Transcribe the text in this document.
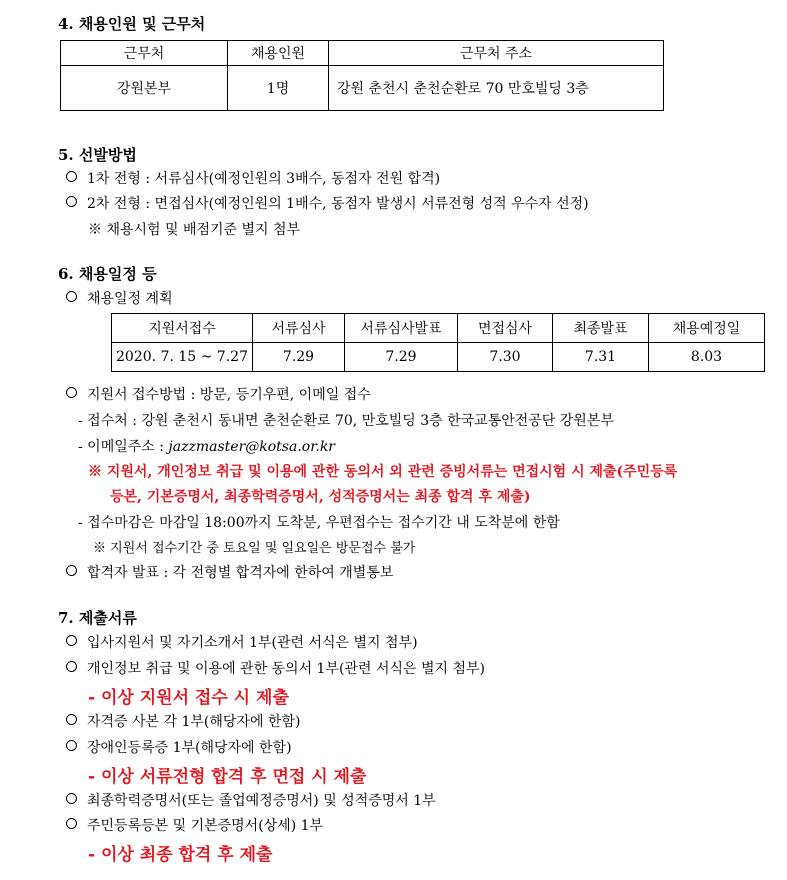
4. 채용인원 및 근무처
근무처	채용인원	근무처 주소
강원본부	1명	강원 춘천시 춘천순환로 70 만호빌딩 3층
5. 선발방법
1차 전형 : 서류심사(예정인원의 3배수, 동점자 전원 합격)
2차 전형 : 면접심사(예정인원의 1배수, 동점자 발생시 서류전형 성적 우수자 선정)
※ 채용시험 및 배점기준 별지 첨부
6. 채용일정 등
채용일정 계획
지원서접수	서류심사	서류심사발표	면접심사	최종발표	채용예정일
2020. 7. 15 ~ 7.27	7.29	7.29	7.30	7.31	8.03
지원서 접수방법 : 방문, 등기우편, 이메일 접수
- 접수처 : 강원 춘천시 동내면 춘천순환로 70, 만호빌딩 3층 한국교통안전공단 강원본부
- 이메일주소 : jazzmaster@kotsa.or.kr
※ 지원서, 개인정보 취급 및 이용에 관한 동의서 외 관련 증빙서류는 면접시험 시 제출(주민등록
등본, 기본증명서, 최종학력증명서, 성적증명서는 최종 합격 후 제출)
- 접수마감은 마감일 18:00까지 도착분, 우편접수는 접수기간 내 도착분에 한함
※ 지원서 접수기간 중 토요일 및 일요일은 방문접수 불가
합격자 발표 : 각 전형별 합격자에 한하여 개별통보
7. 제출서류
입사지원서 및 자기소개서 1부(관련 서식은 별지 첨부)
개인정보 취급 및 이용에 관한 동의서 1부(관련 서식은 별지 첨부)
- 이상 지원서 접수 시 제출
자격증 사본 각 1부(해당자에 한함)
장애인등록증 1부(해당자에 한함)
- 이상 서류전형 합격 후 면접 시 제출
최종학력증명서(또는 졸업예정증명서) 및 성적증명서 1부
주민등록등본 및 기본증명서(상세) 1부
- 이상 최종 합격 후 제출
